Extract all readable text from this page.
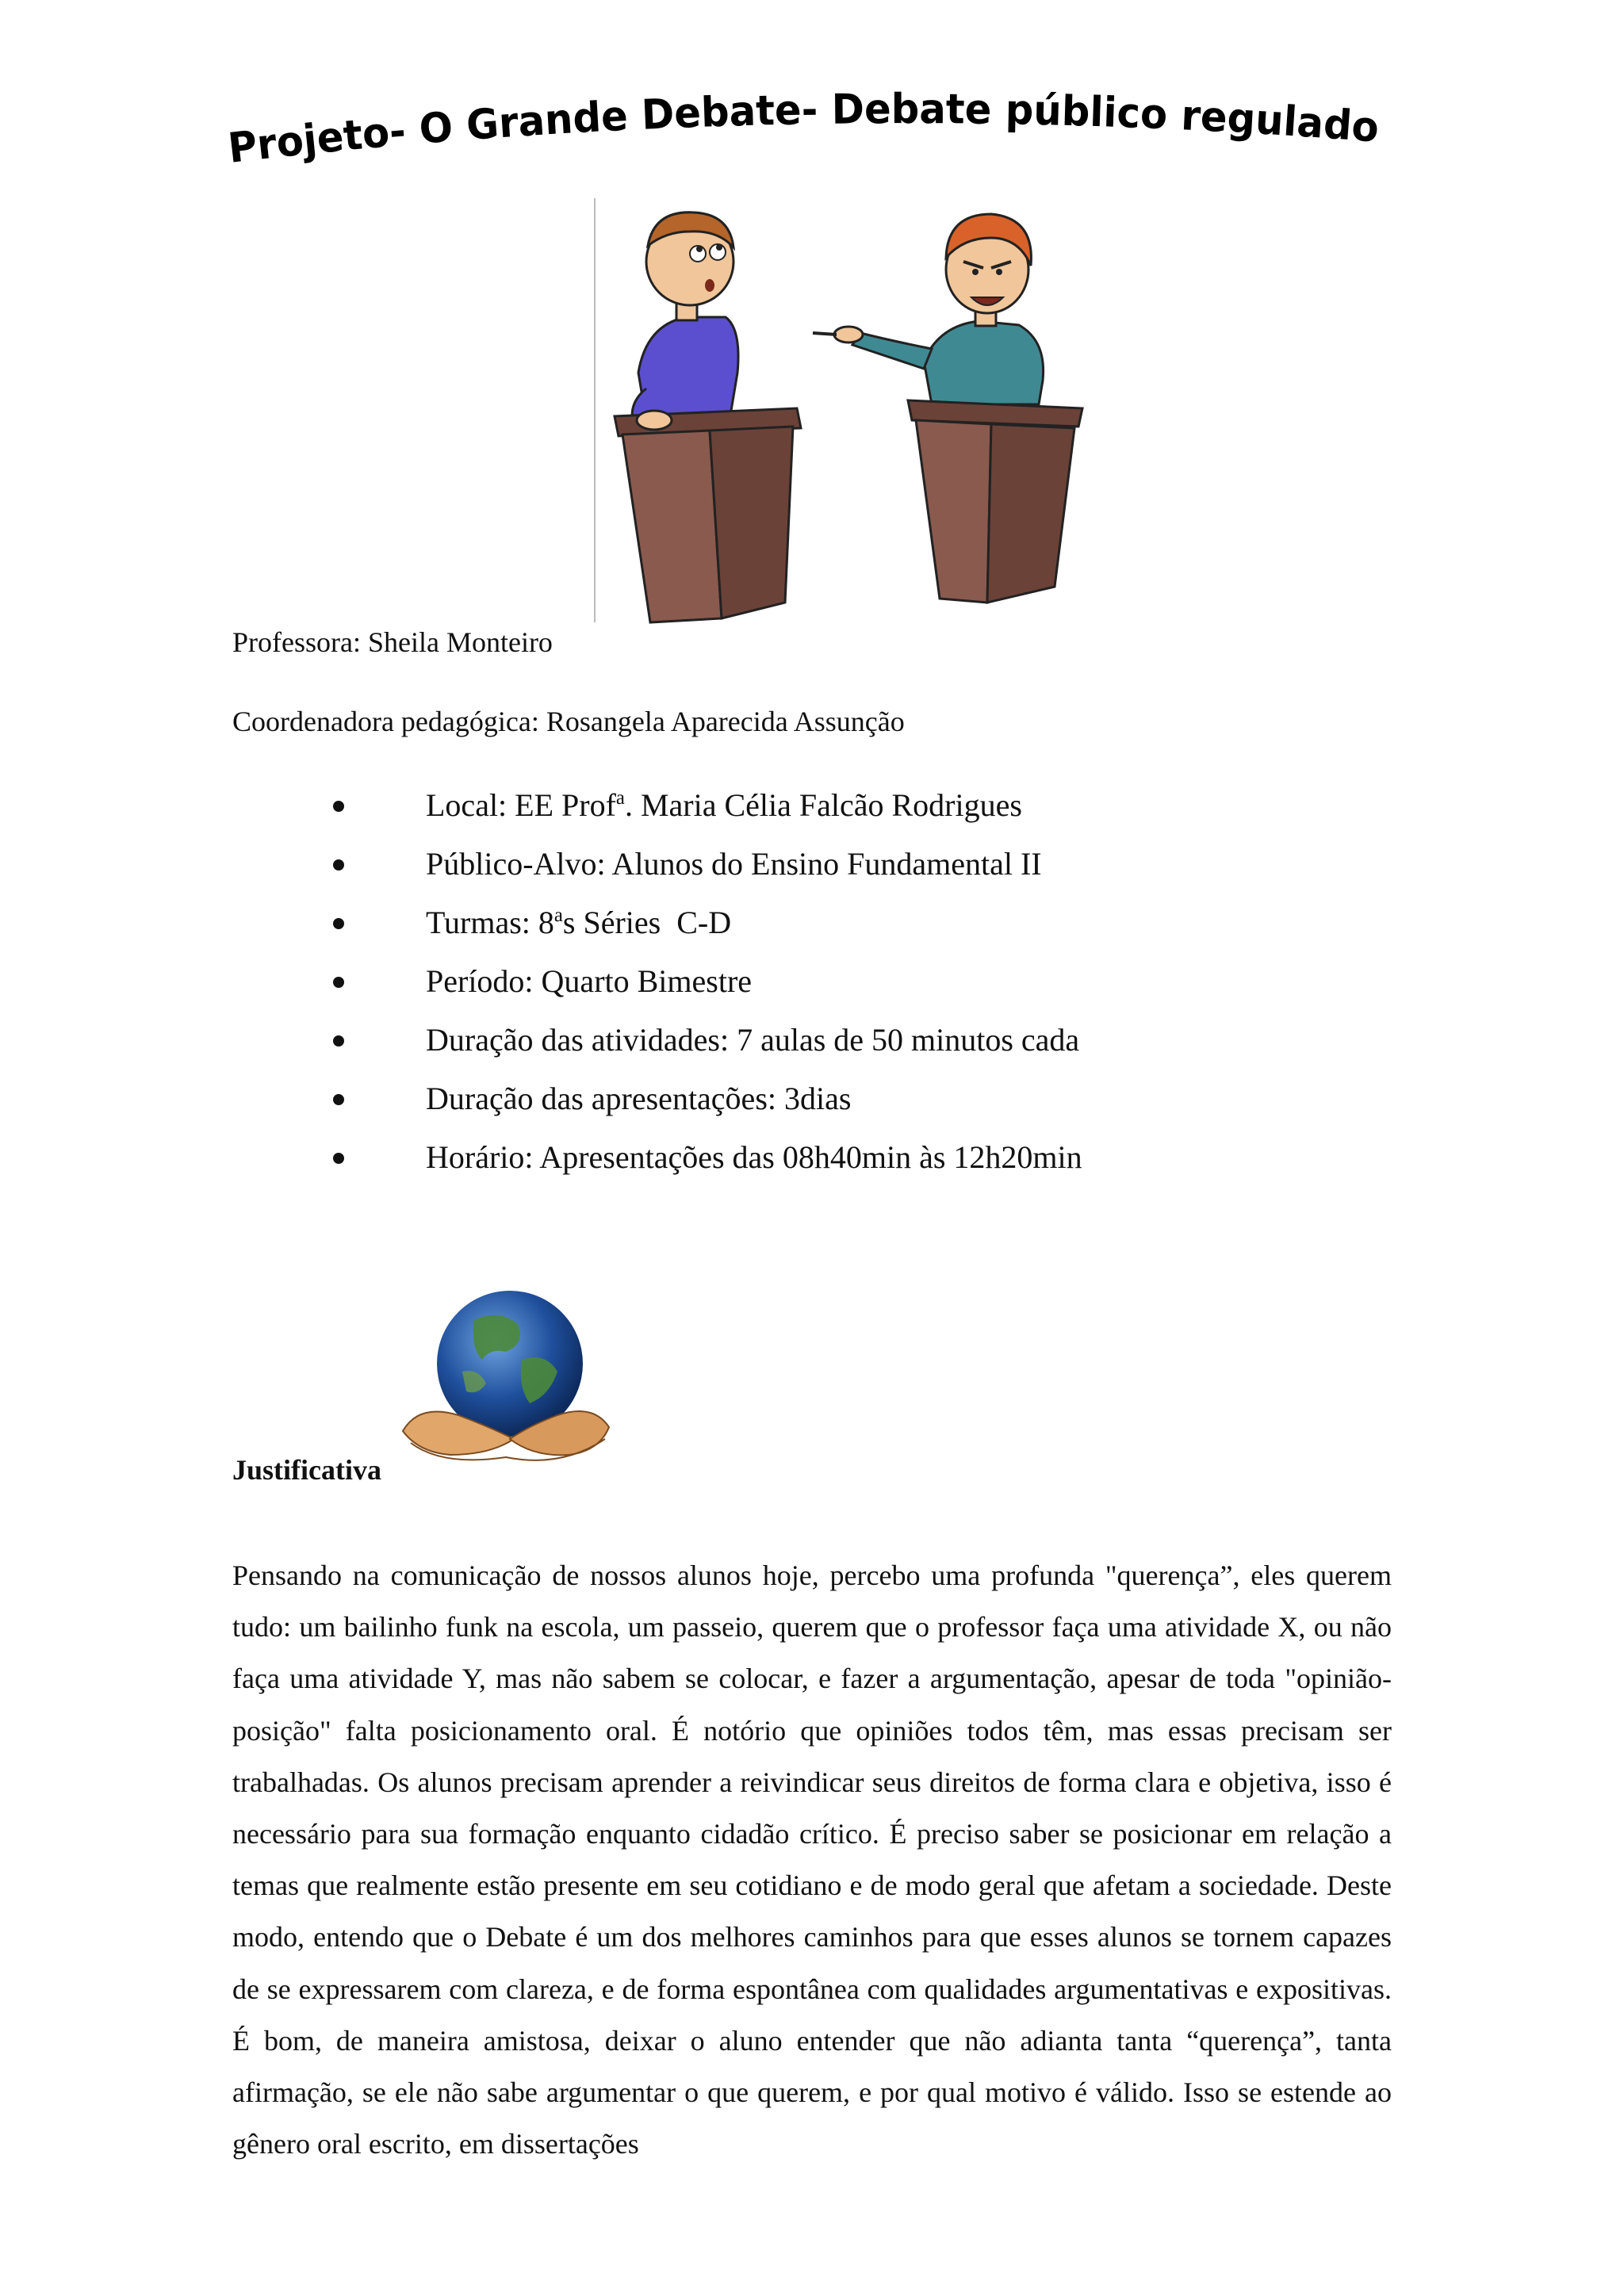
Projeto- O Grande Debate- Debate público regulado
Professora: Sheila Monteiro
Coordenadora pedagógica: Rosangela Aparecida Assunção
Local: EE Prof$^a$. Maria Célia Falcão Rodrigues
Público-Alvo: Alunos do Ensino Fundamental II
Turmas: 8$^a$s Séries  C-D
Período: Quarto Bimestre
Duração das atividades: 7 aulas de 50 minutos cada
Duração das apresentações: 3dias
Horário: Apresentações das 08h40min às 12h20min
Justificativa

Pensando na comunicação de nossos alunos hoje, percebo uma profunda "querença”, eles querem tudo: um bailinho funk na escola, um passeio, querem que o professor faça uma atividade X, ou não faça uma atividade Y, mas não sabem se colocar, e fazer a argumentação, apesar de toda "opinião-posição" falta posicionamento oral. É notório que opiniões todos têm, mas essas precisam ser trabalhadas. Os alunos precisam aprender a reivindicar seus direitos de forma clara e objetiva, isso é necessário para sua formação enquanto cidadão crítico. É preciso saber se posicionar em relação a temas que realmente estão presente em seu cotidiano e de modo geral que afetam a sociedade. Deste modo, entendo que o Debate é um dos melhores caminhos para que esses alunos se tornem capazes de se expressarem com clareza, e de forma espontânea com qualidades argumentativas e expositivas. É bom, de maneira amistosa, deixar o aluno entender que não adianta tanta “querença”, tanta afirmação, se ele não sabe argumentar o que querem, e por qual motivo é válido. Isso se estende ao gênero oral escrito, em dissertações
